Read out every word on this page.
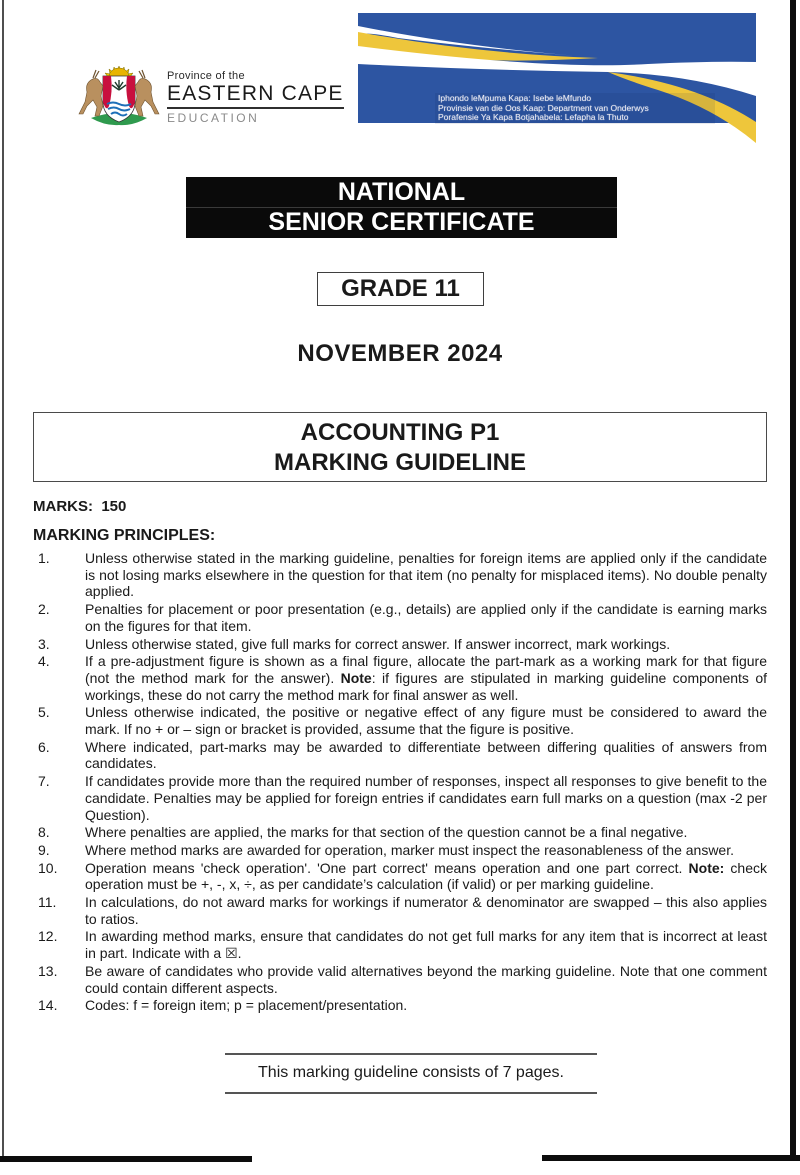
Province of the
EASTERN CAPE
EDUCATION
Iphondo leMpuma Kapa: Isebe leMfundo
Provinsie van die Oos Kaap: Department van Onderwys
Porafensie Ya Kapa Botjahabela: Lefapha la Thuto
NATIONAL
SENIOR CERTIFICATE
GRADE 11
NOVEMBER 2024
ACCOUNTING P1
MARKING GUIDELINE
MARKS:  150
MARKING PRINCIPLES:
1.	Unless otherwise stated in the marking guideline, penalties for foreign items are applied only if the candidate is not losing marks elsewhere in the question for that item (no penalty for misplaced items). No double penalty applied.
2.	Penalties for placement or poor presentation (e.g., details) are applied only if the candidate is earning marks on the figures for that item.
3.	Unless otherwise stated, give full marks for correct answer. If answer incorrect, mark workings.
4.	If a pre-adjustment figure is shown as a final figure, allocate the part-mark as a working mark for that figure (not the method mark for the answer). Note: if figures are stipulated in marking guideline components of workings, these do not carry the method mark for final answer as well.
5.	Unless otherwise indicated, the positive or negative effect of any figure must be considered to award the mark. If no + or – sign or bracket is provided, assume that the figure is positive.
6.	Where indicated, part-marks may be awarded to differentiate between differing qualities of answers from candidates.
7.	If candidates provide more than the required number of responses, inspect all responses to give benefit to the candidate. Penalties may be applied for foreign entries if candidates earn full marks on a question (max -2 per Question).
8.	Where penalties are applied, the marks for that section of the question cannot be a final negative.
9.	Where method marks are awarded for operation, marker must inspect the reasonableness of the answer.
10.	Operation means 'check operation'. 'One part correct' means operation and one part correct. Note: check operation must be +, -, x, ÷, as per candidate’s calculation (if valid) or per marking guideline.
11.	In calculations, do not award marks for workings if numerator & denominator are swapped – this also applies to ratios.
12.	In awarding method marks, ensure that candidates do not get full marks for any item that is incorrect at least in part. Indicate with a ☒.
13.	Be aware of candidates who provide valid alternatives beyond the marking guideline. Note that one comment could contain different aspects.
14.	Codes: f = foreign item; p = placement/presentation.
This marking guideline consists of 7 pages.
